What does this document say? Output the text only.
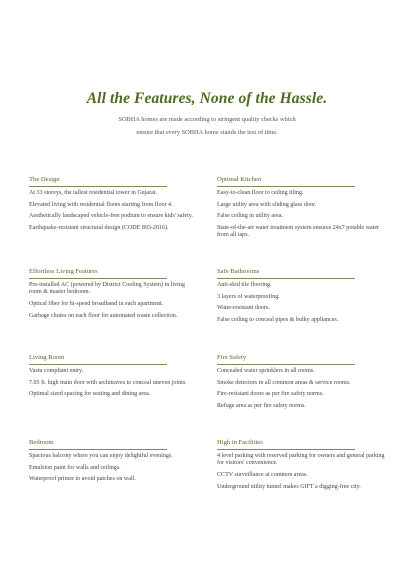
All the Features, None of the Hassle.
SOBHA homes are made according to stringent quality checks which
ensure that every SOBHA home stands the test of time.
The Design
At 33 storeys, the tallest residential tower in Gujarat.
Elevated living with residential floors starting from floor 4.
Aesthetically landscaped vehicle-free podium to ensure kids' safety.
Earthquake-resistant structural design (CODE 893-2016).
Optimal Kitchen
Easy-to-clean floor to ceiling tiling.
Large utility area with sliding glass door.
False ceiling in utility area.
State-of-the-art water treatment system ensures 24x7 potable water from all taps.
Effortless Living Features
Pre-installed AC (powered by District Cooling System) in living room & master bedroom.
Optical fiber for hi-speed broadband in each apartment.
Garbage chutes on each floor for automated waste collection.
Safe Bathrooms
Anti-skid tile flooring.
3 layers of waterproofing.
Water-resistant doors.
False ceiling to conceal pipes & bulky appliances.
Living Room
Vastu compliant entry.
7.05 ft. high main door with architraves to conceal uneven joints.
Optimal sized spacing for seating and dining area.
Fire Safety
Concealed water sprinklers in all rooms.
Smoke detectors in all common areas & service rooms.
Fire-resistant doors as per fire safety norms.
Refuge area as per fire safety norms.
Bedroom
Spacious balcony where you can enjoy delightful evenings.
Emulsion paint for walls and ceilings.
Waterproof primer to avoid patches on wall.
High in Facilities
4 level parking with reserved parking for owners and general parking for visitors' convenience.
CCTV surveillance at common areas.
Underground utility tunnel makes GIFT a digging-free city.
